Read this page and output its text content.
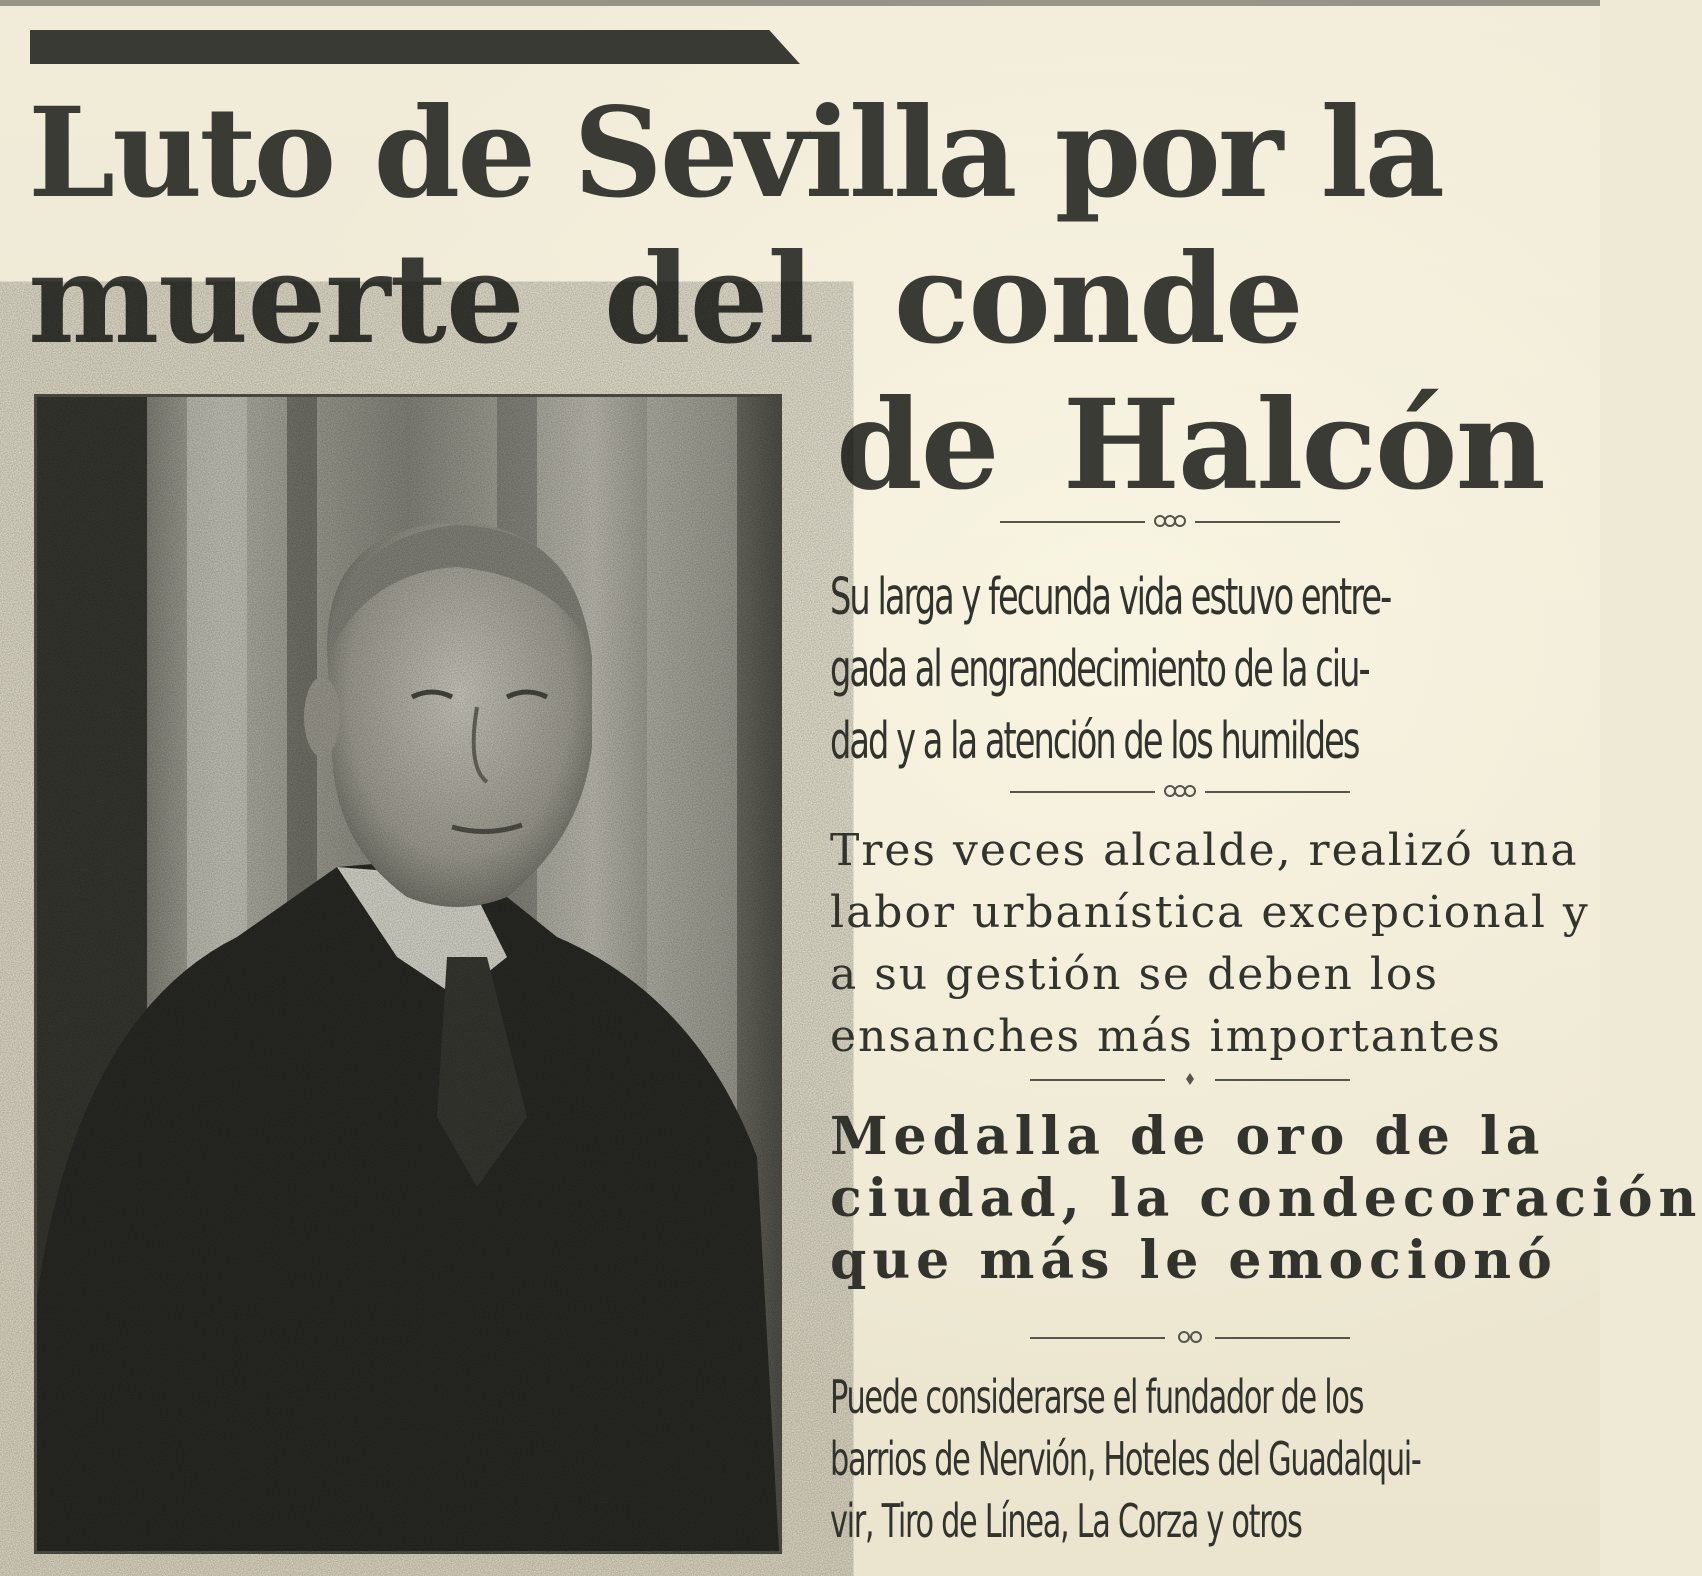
Luto de Sevilla por la
muerte del conde
de Halcón
Su larga y fecunda vida estuvo entre-
gada al engrandecimiento de la ciu-
dad y a la atención de los humildes
Tres veces alcalde, realizó una
labor urbanística excepcional y
a su gestión se deben los
ensanches más importantes
Medalla de oro de la
ciudad, la condecoración
que más le emocionó
Puede considerarse el fundador de los
barrios de Nervión, Hoteles del Guadalqui-
vir, Tiro de Línea, La Corza y otros
